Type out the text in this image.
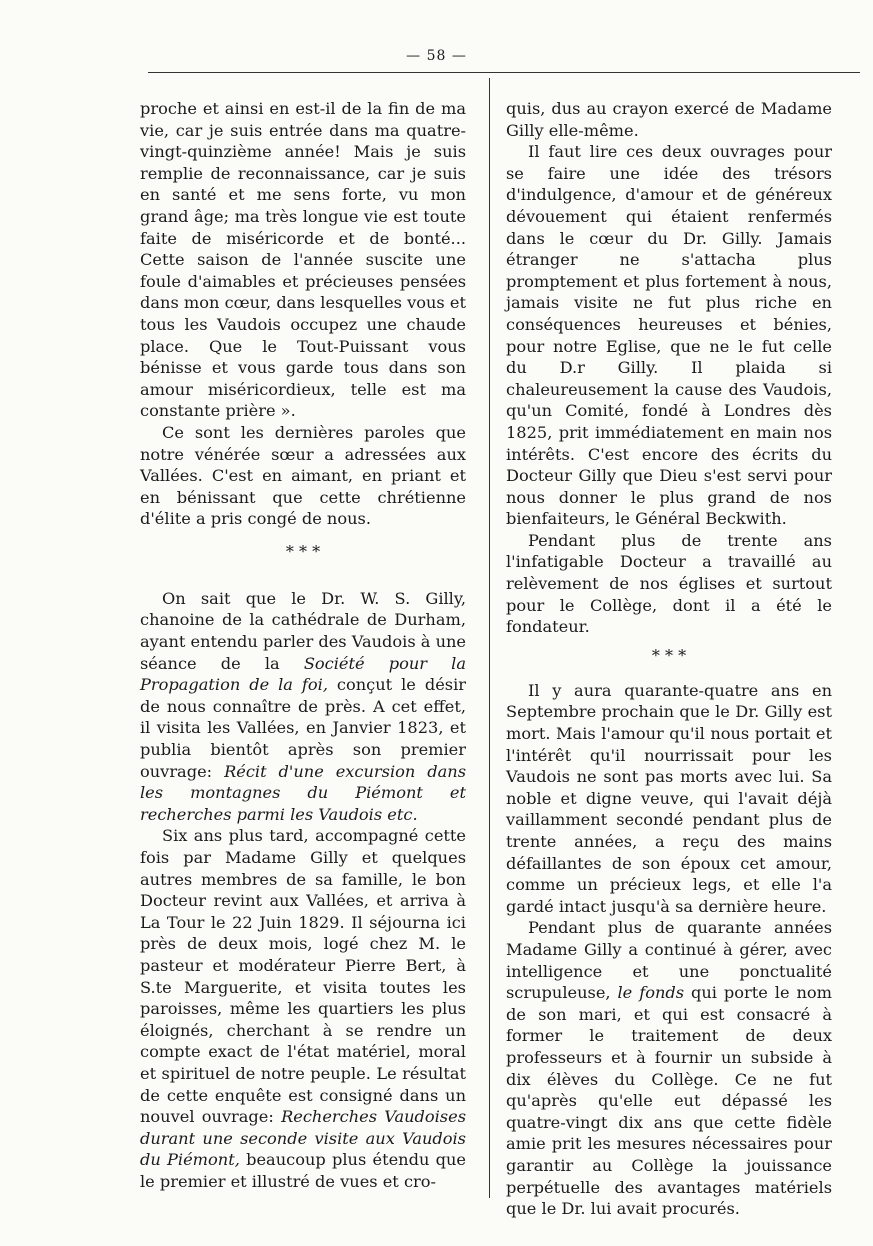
— 58 —

proche et ainsi en est-il de la fin de ma vie, car je suis entrée dans ma quatre-vingt-quinzième année! Mais je suis remplie de reconnaissance, car je suis en santé et me sens forte, vu mon grand âge; ma très longue vie est toute faite de miséricorde et de bonté... Cette saison de l'année suscite une foule d'aimables et précieuses pensées dans mon cœur, dans lesquelles vous et tous les Vaudois occupez une chaude place. Que le Tout-Puissant vous bénisse et vous garde tous dans son amour miséricordieux, telle est ma constante prière ».

Ce sont les dernières paroles que notre vénérée sœur a adressées aux Vallées. C'est en aimant, en priant et en bénissant que cette chrétienne d'élite a pris congé de nous.

* * *

On sait que le Dr. W. S. Gilly, chanoine de la cathédrale de Durham, ayant entendu parler des Vaudois à une séance de la Société pour la Propagation de la foi, conçut le désir de nous connaître de près. A cet effet, il visita les Vallées, en Janvier 1823, et publia bientôt après son premier ouvrage: Récit d'une excursion dans les montagnes du Piémont et recherches parmi les Vaudois etc.

Six ans plus tard, accompagné cette fois par Madame Gilly et quelques autres membres de sa famille, le bon Docteur revint aux Vallées, et arriva à La Tour le 22 Juin 1829. Il séjourna ici près de deux mois, logé chez M. le pasteur et modérateur Pierre Bert, à S.te Marguerite, et visita toutes les paroisses, même les quartiers les plus éloignés, cherchant à se rendre un compte exact de l'état matériel, moral et spirituel de notre peuple. Le résultat de cette enquête est consigné dans un nouvel ouvrage: Recherches Vaudoises durant une seconde visite aux Vaudois du Piémont, beaucoup plus étendu que le premier et illustré de vues et cro-

quis, dus au crayon exercé de Madame Gilly elle-même.

Il faut lire ces deux ouvrages pour se faire une idée des trésors d'indulgence, d'amour et de généreux dévouement qui étaient renfermés dans le cœur du Dr. Gilly. Jamais étranger ne s'attacha plus promptement et plus fortement à nous, jamais visite ne fut plus riche en conséquences heureuses et bénies, pour notre Eglise, que ne le fut celle du D.r Gilly. Il plaida si chaleureusement la cause des Vaudois, qu'un Comité, fondé à Londres dès 1825, prit immédiatement en main nos intérêts. C'est encore des écrits du Docteur Gilly que Dieu s'est servi pour nous donner le plus grand de nos bienfaiteurs, le Général Beckwith.

Pendant plus de trente ans l'infatigable Docteur a travaillé au relèvement de nos églises et surtout pour le Collège, dont il a été le fondateur.

* * *

Il y aura quarante-quatre ans en Septembre prochain que le Dr. Gilly est mort. Mais l'amour qu'il nous portait et l'intérêt qu'il nourrissait pour les Vaudois ne sont pas morts avec lui. Sa noble et digne veuve, qui l'avait déjà vaillamment secondé pendant plus de trente années, a reçu des mains défaillantes de son époux cet amour, comme un précieux legs, et elle l'a gardé intact jusqu'à sa dernière heure.

Pendant plus de quarante années Madame Gilly a continué à gérer, avec intelligence et une ponctualité scrupuleuse, le fonds qui porte le nom de son mari, et qui est consacré à former le traitement de deux professeurs et à fournir un subside à dix élèves du Collège. Ce ne fut qu'après qu'elle eut dépassé les quatre-vingt dix ans que cette fidèle amie prit les mesures nécessaires pour garantir au Collège la jouissance perpétuelle des avantages matériels que le Dr. lui avait procurés.
